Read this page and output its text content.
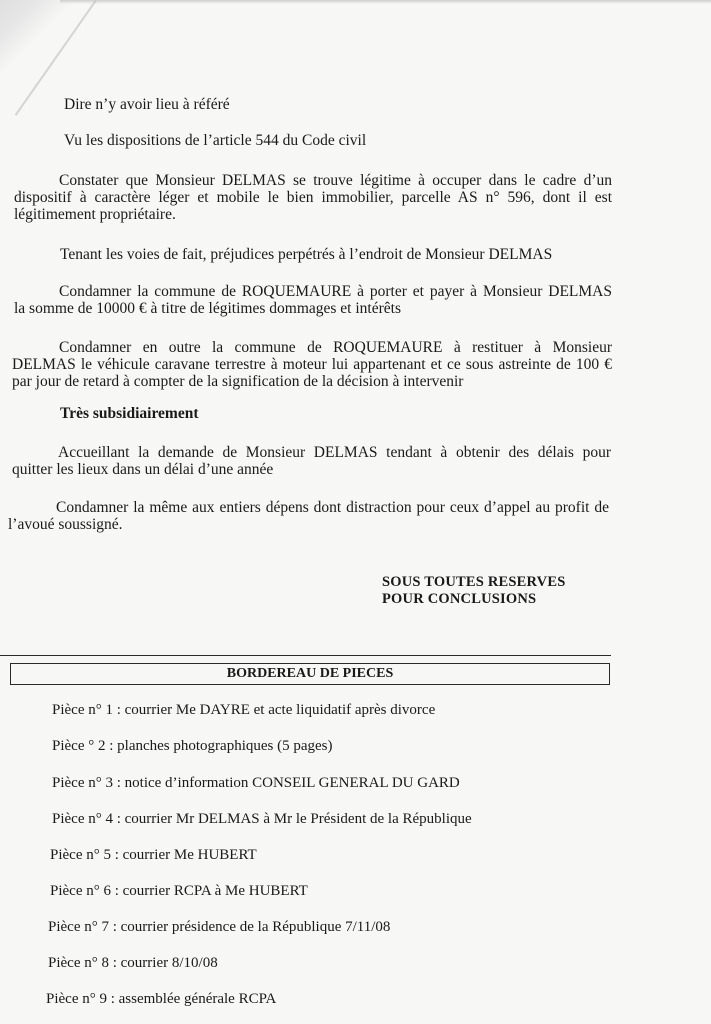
Dire n’y avoir lieu à référé
Vu les dispositions de l’article 544 du Code civil
Constater que Monsieur DELMAS se trouve légitime à occuper dans le cadre d’un
dispositif à caractère léger et mobile le bien immobilier, parcelle AS n° 596, dont il est
légitimement propriétaire.
Tenant les voies de fait, préjudices perpétrés à l’endroit de Monsieur DELMAS
Condamner la commune de ROQUEMAURE à porter et payer à Monsieur DELMAS
la somme de 10000 € à titre de légitimes dommages et intérêts
Condamner en outre la commune de ROQUEMAURE à restituer à Monsieur
DELMAS le véhicule caravane terrestre à moteur lui appartenant et ce sous astreinte de 100 €
par jour de retard à compter de la signification de la décision à intervenir
Très subsidiairement
Accueillant la demande de Monsieur DELMAS tendant à obtenir des délais pour
quitter les lieux dans un délai d’une année
Condamner la même aux entiers dépens dont distraction pour ceux d’appel au profit de
l’avoué soussigné.
SOUS TOUTES RESERVES
POUR CONCLUSIONS
BORDEREAU DE PIECES
Pièce n° 1 : courrier Me DAYRE et acte liquidatif après divorce
Pièce ° 2 : planches photographiques (5 pages)
Pièce n° 3 : notice d’information CONSEIL GENERAL DU GARD
Pièce n° 4 : courrier Mr DELMAS à Mr le Président de la République
Pièce n° 5 : courrier Me HUBERT
Pièce n° 6 : courrier RCPA à Me HUBERT
Pièce n° 7 : courrier présidence de la République 7/11/08
Pièce n° 8 : courrier 8/10/08
Pièce n° 9 : assemblée générale RCPA
